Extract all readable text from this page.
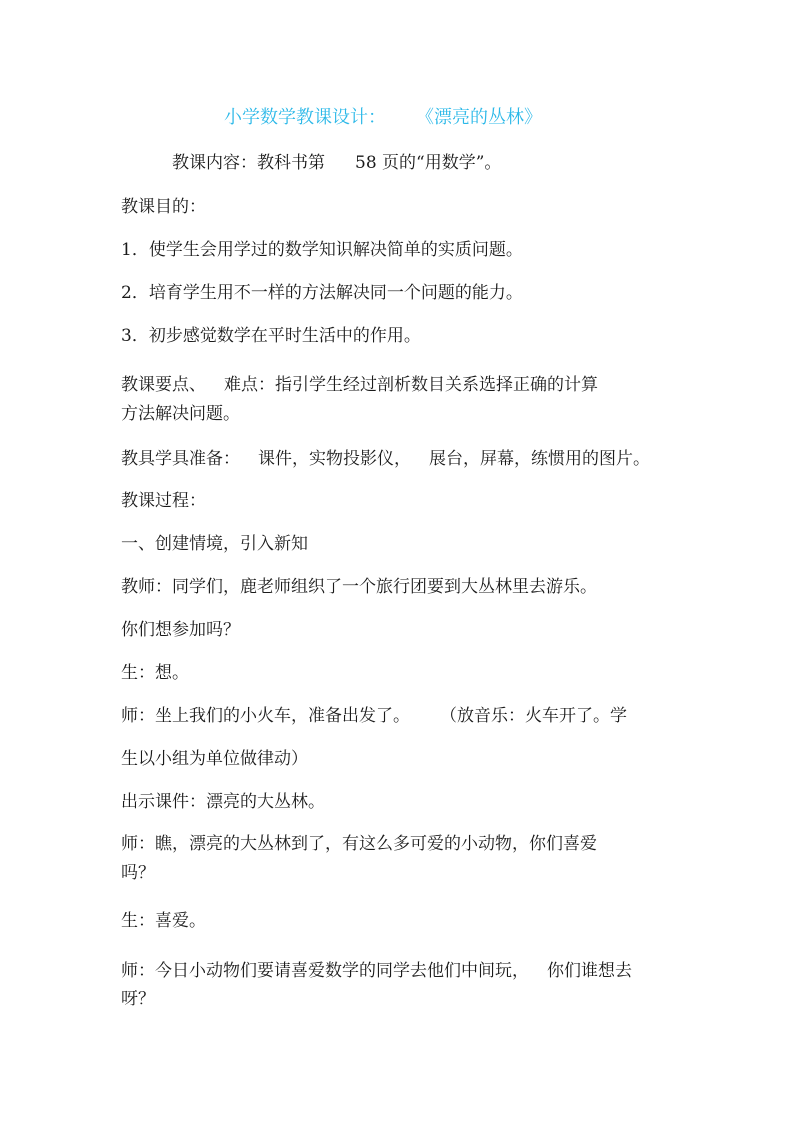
小学数学教课设计： 《漂亮的丛林》
教课内容：教科书第 58 页的“用数学”。
教课目的：
1．使学生会用学过的数学知识解决简单的实质问题。
2．培育学生用不一样的方法解决同一个问题的能力。
3．初步感觉数学在平时生活中的作用。
教课要点、 难点：指引学生经过剖析数目关系选择正确的计算
方法解决问题。
教具学具准备： 课件，实物投影仪， 展台，屏幕，练惯用的图片。
教课过程：
一、创建情境，引入新知
教师：同学们，鹿老师组织了一个旅行团要到大丛林里去游乐。
你们想参加吗？
生：想。
师：坐上我们的小火车，准备出发了。 （放音乐：火车开了。学
生以小组为单位做律动）
出示课件：漂亮的大丛林。
师：瞧，漂亮的大丛林到了，有这么多可爱的小动物，你们喜爱
吗？
生：喜爱。
师：今日小动物们要请喜爱数学的同学去他们中间玩， 你们谁想去
呀？
